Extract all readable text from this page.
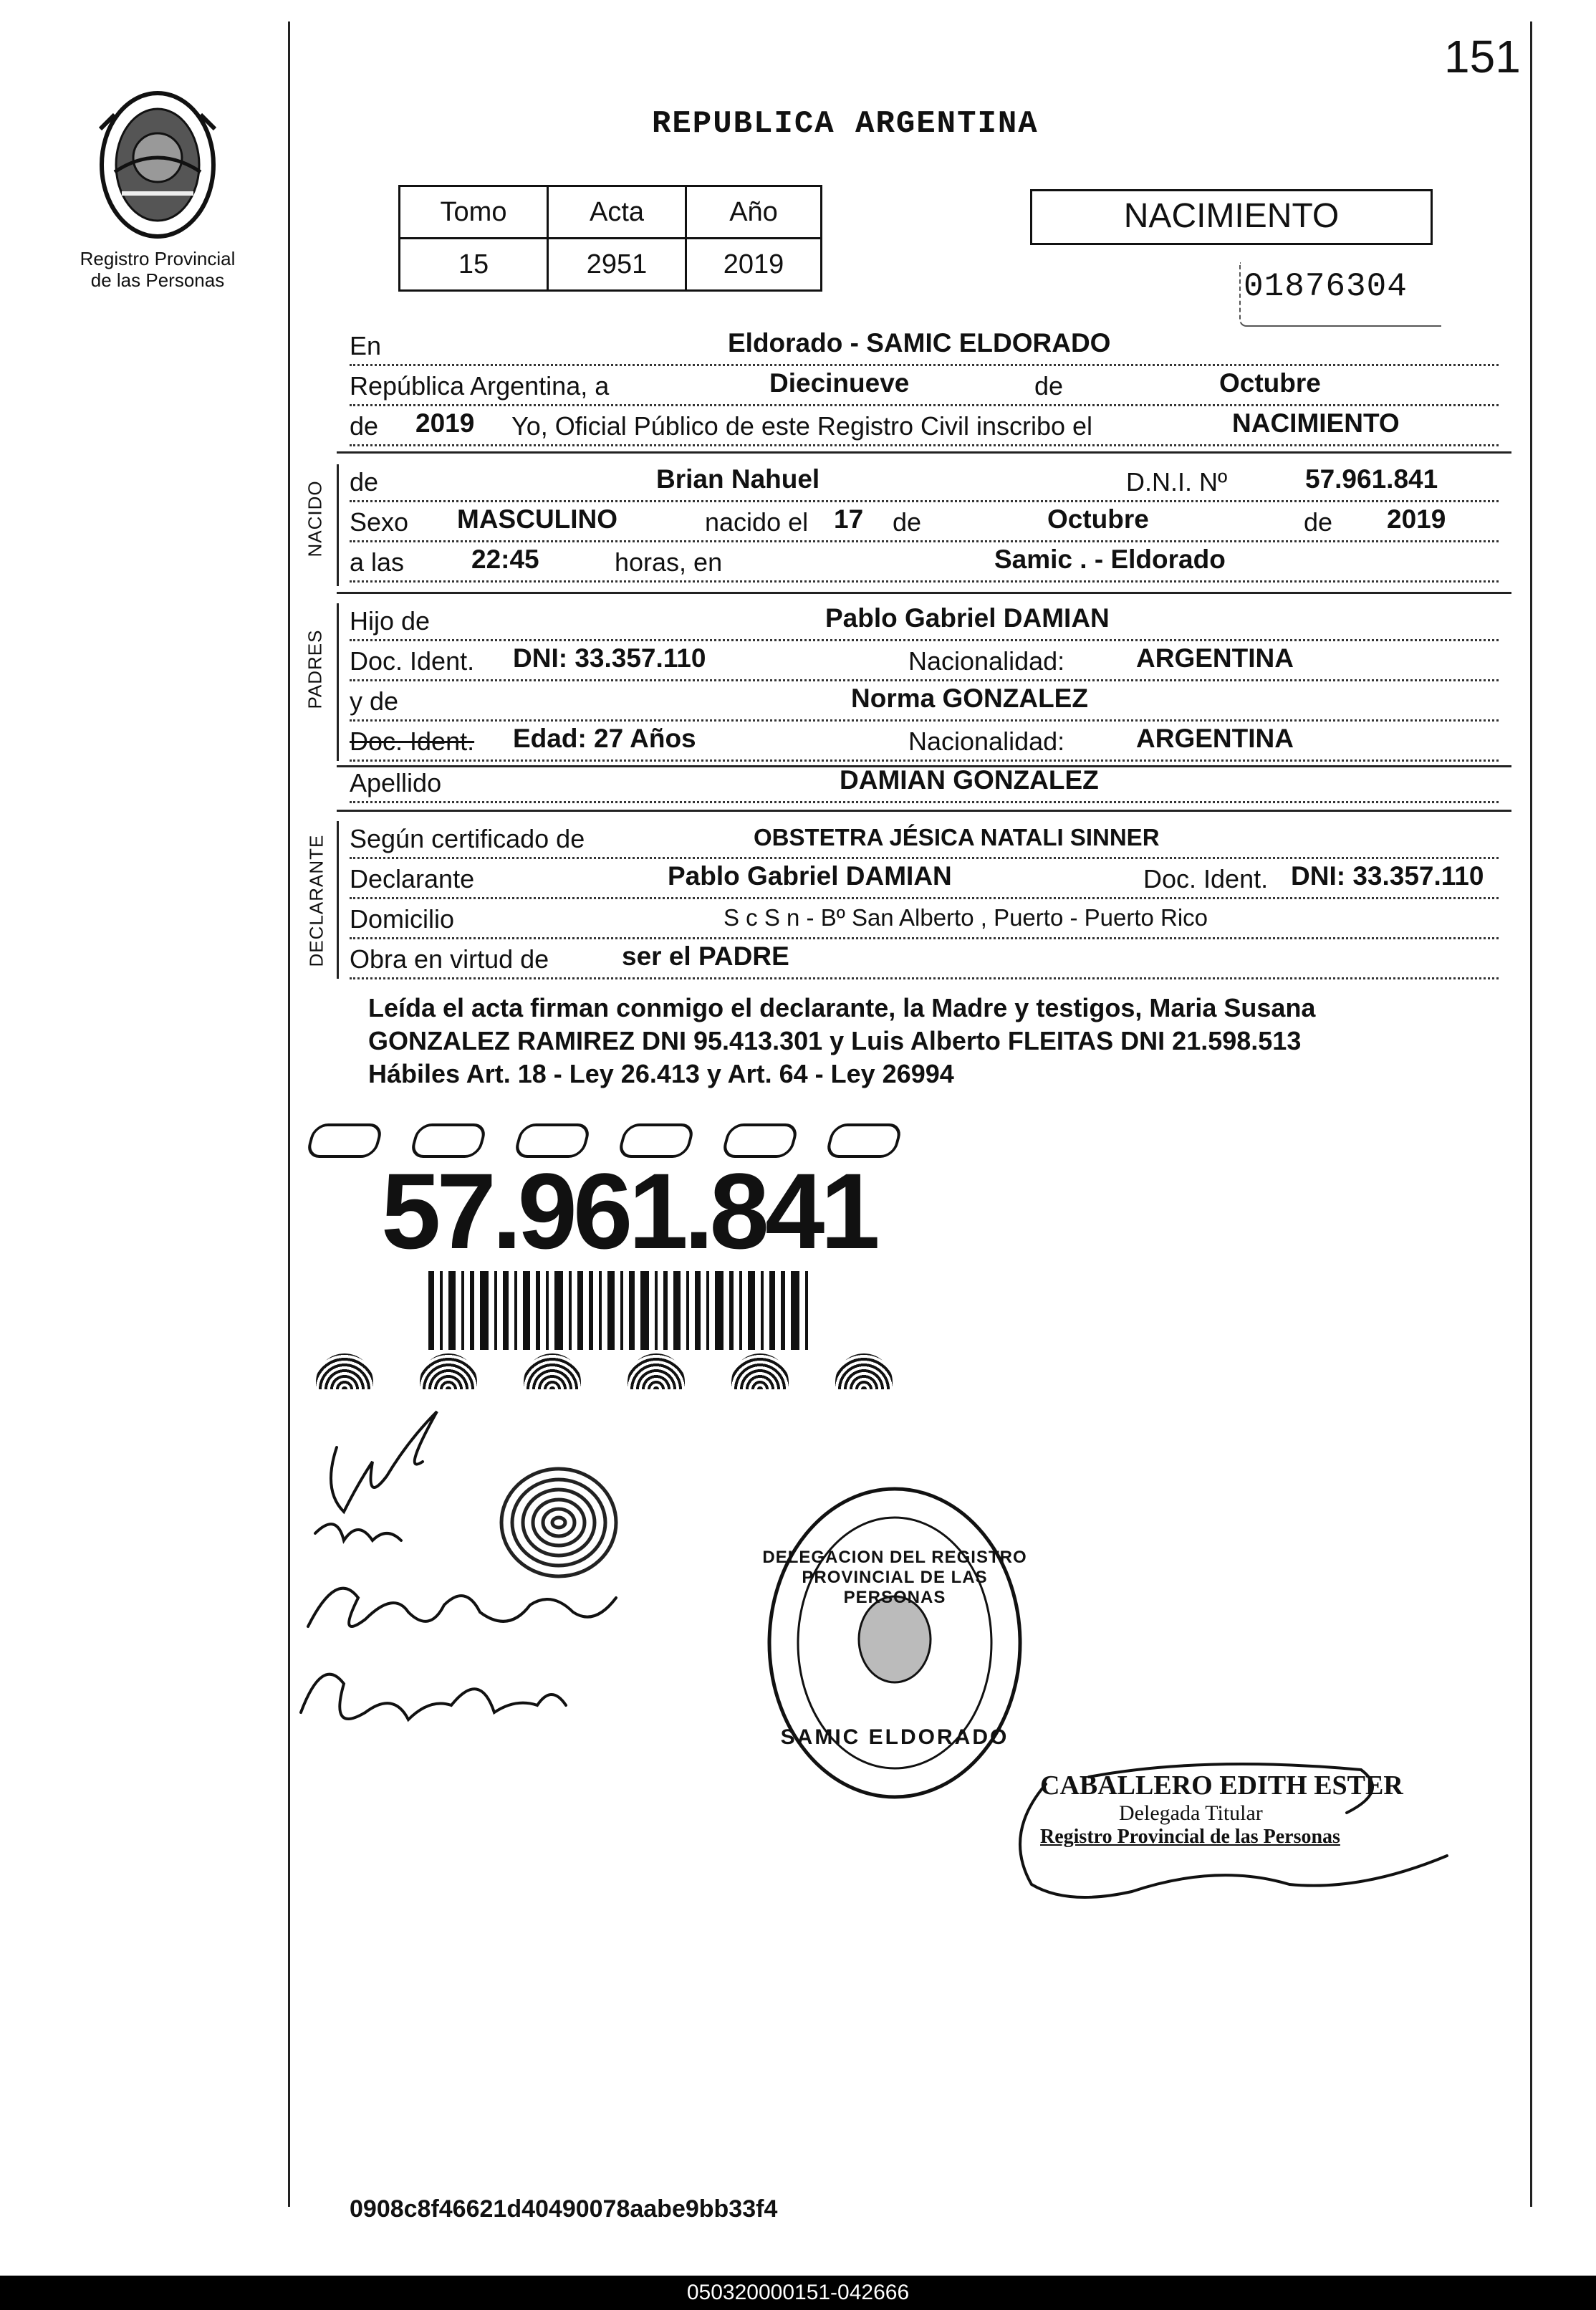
151
Registro Provincial
de las Personas
REPUBLICA ARGENTINA
Tomo	Acta	Año
15	2951	2019
NACIMIENTO
01876304
En	Eldorado - SAMIC ELDORADO
República Argentina, a	Diecinueve	de	Octubre
de 2019 Yo, Oficial Público de este Registro Civil inscribo el	NACIMIENTO
NACIDO de	Brian Nahuel	D.N.I. Nº	57.961.841
Sexo MASCULINO	nacido el 17 de	Octubre	de 2019
a las	22:45	horas, en	Samic . - Eldorado
PADRES
Hijo de	Pablo Gabriel DAMIAN
Doc. Ident. DNI: 33.357.110	Nacionalidad:	ARGENTINA
y de	Norma GONZALEZ
Doc. Ident. Edad: 27 Años	Nacionalidad:	ARGENTINA
Apellido	DAMIAN GONZALEZ
DECLARANTE Según certificado de	OBSTETRA JÉSICA NATALI SINNER
Declarante	Pablo Gabriel DAMIAN	Doc. Ident. DNI: 33.357.110
Domicilio	S c S n - Bº San Alberto , Puerto - Puerto Rico
Obra en virtud de	ser el PADRE
Leída el acta firman conmigo el declarante, la Madre y testigos, Maria Susana
GONZALEZ RAMIREZ DNI 95.413.301 y Luis Alberto FLEITAS DNI 21.598.513
Hábiles Art. 18 - Ley 26.413 y Art. 64 - Ley 26994
57.961.841
DELEGACION DEL REGISTRO PROVINCIAL DE LAS PERSONAS
SAMIC ELDORADO
CABALLERO EDITH ESTER
Delegada Titular
Registro Provincial de las Personas
0908c8f46621d40490078aabe9bb33f4
050320000151-042666
